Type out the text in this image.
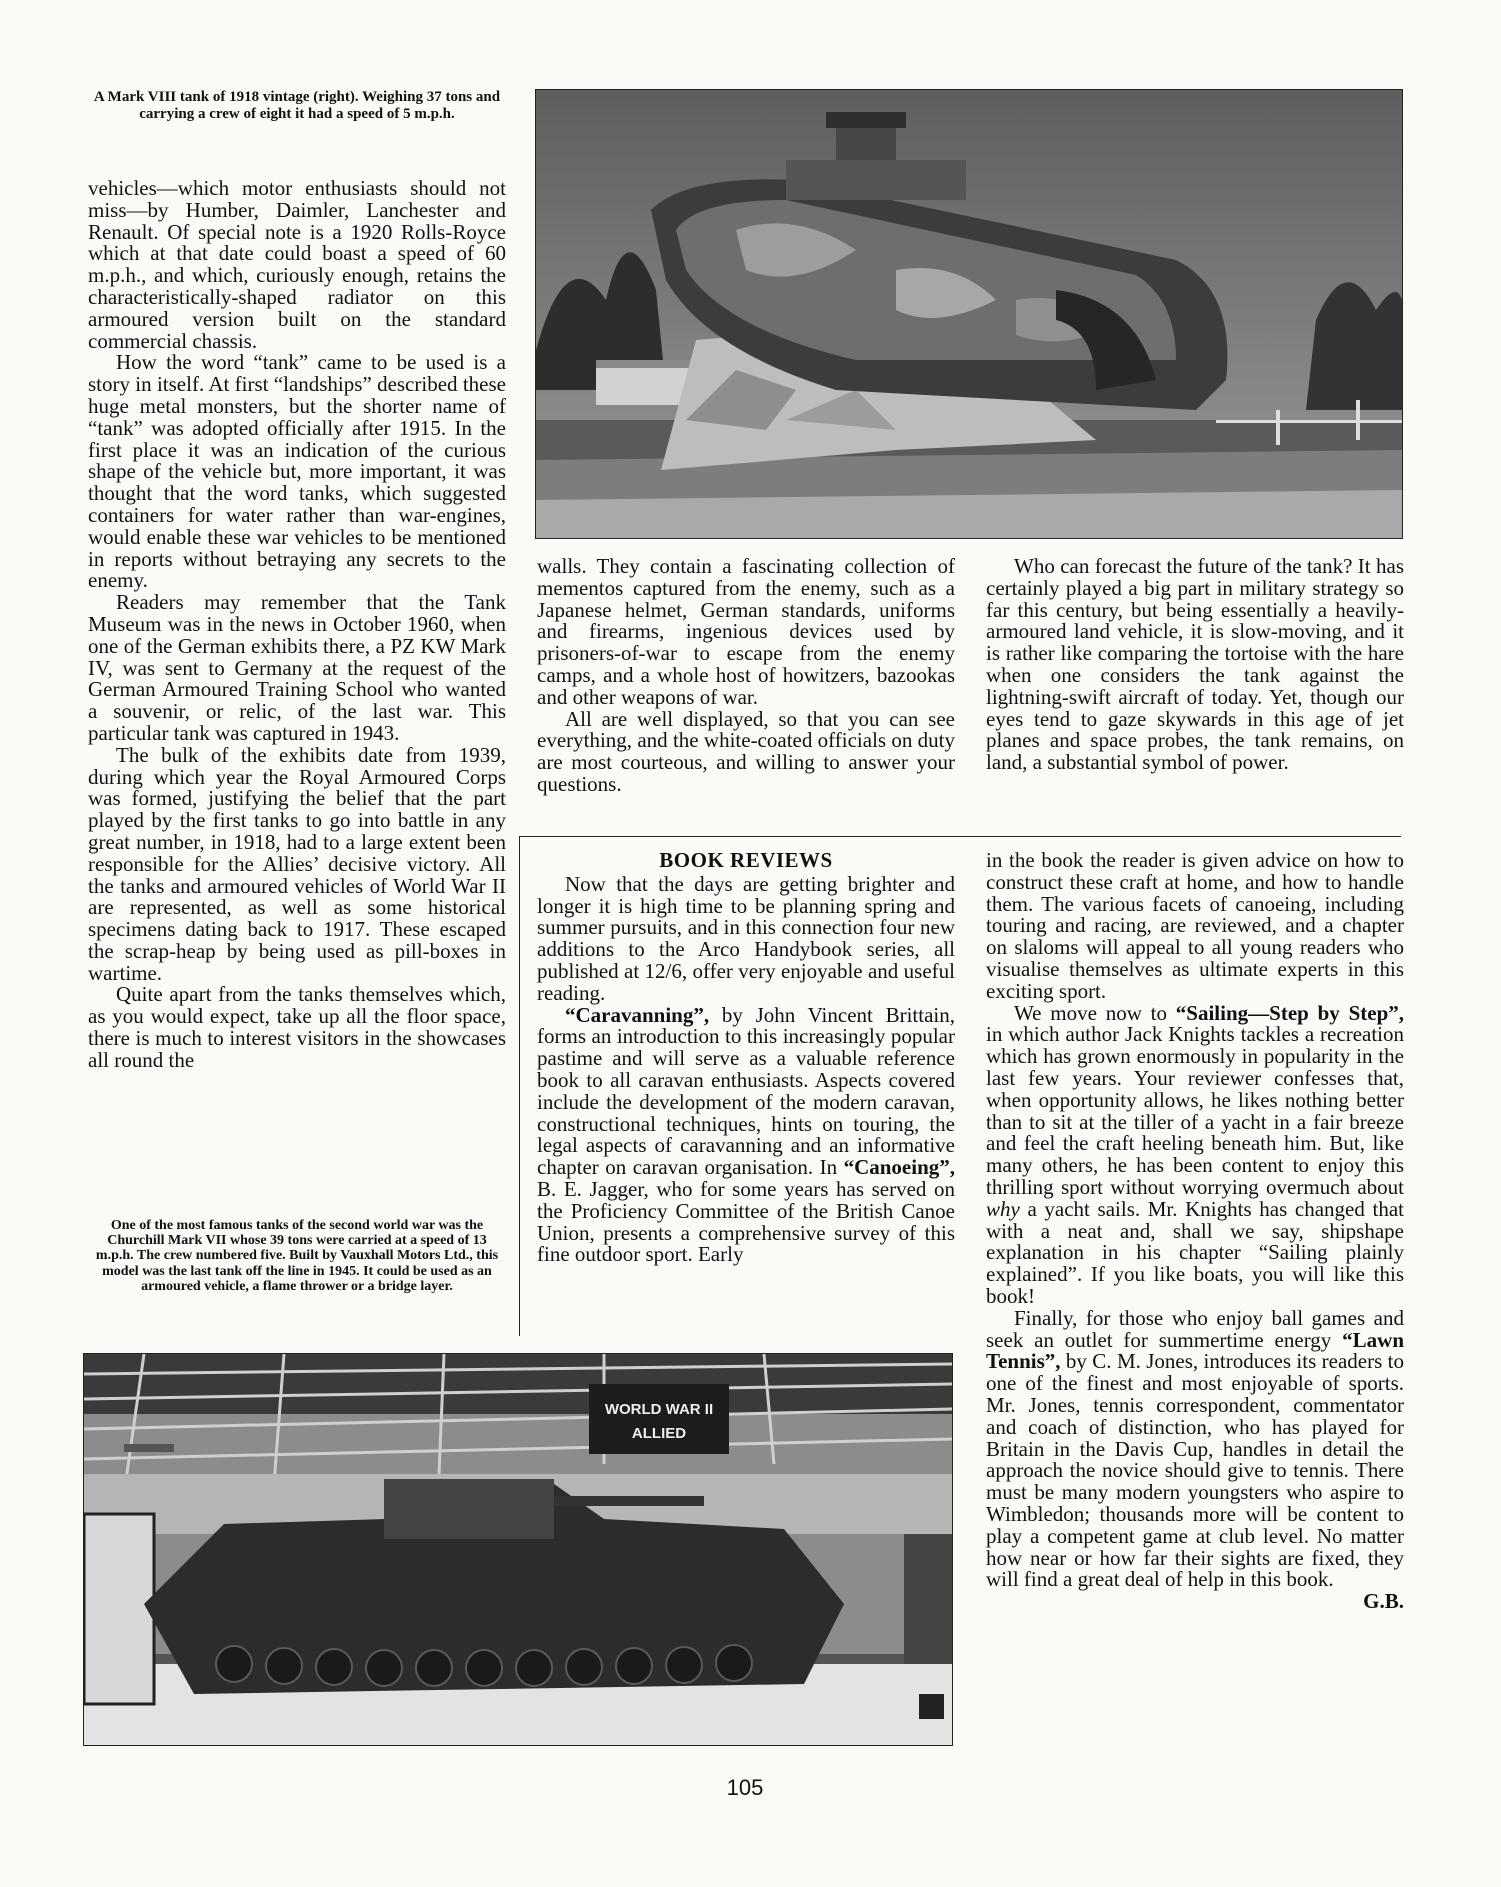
A Mark VIII tank of 1918 vintage (right). Weighing 37 tons and carrying a crew of eight it had a speed of 5 m.p.h.

vehicles—which motor enthusiasts should not miss—by Humber, Daimler, Lanchester and Renault. Of special note is a 1920 Rolls-Royce which at that date could boast a speed of 60 m.p.h., and which, curiously enough, retains the characteristically-shaped radiator on this armoured version built on the standard commercial chassis.

How the word “tank” came to be used is a story in itself. At first “landships” described these huge metal monsters, but the shorter name of “tank” was adopted officially after 1915. In the first place it was an indication of the curious shape of the vehicle but, more important, it was thought that the word tanks, which suggested containers for water rather than war-engines, would enable these war vehicles to be mentioned in reports without betraying any secrets to the enemy.

Readers may remember that the Tank Museum was in the news in October 1960, when one of the German exhibits there, a PZ KW Mark IV, was sent to Germany at the request of the German Armoured Training School who wanted a souvenir, or relic, of the last war. This particular tank was captured in 1943.

The bulk of the exhibits date from 1939, during which year the Royal Armoured Corps was formed, justifying the belief that the part played by the first tanks to go into battle in any great number, in 1918, had to a large extent been responsible for the Allies’ decisive victory. All the tanks and armoured vehicles of World War II are represented, as well as some historical specimens dating back to 1917. These escaped the scrap-heap by being used as pill-boxes in wartime.

Quite apart from the tanks themselves which, as you would expect, take up all the floor space, there is much to interest visitors in the showcases all round the

One of the most famous tanks of the second world war was the Churchill Mark VII whose 39 tons were carried at a speed of 13 m.p.h. The crew numbered five. Built by Vauxhall Motors Ltd., this model was the last tank off the line in 1945. It could be used as an armoured vehicle, a flame thrower or a bridge layer.

walls. They contain a fascinating collection of mementos captured from the enemy, such as a Japanese helmet, German standards, uniforms and firearms, ingenious devices used by prisoners-of-war to escape from the enemy camps, and a whole host of howitzers, bazookas and other weapons of war.

All are well displayed, so that you can see everything, and the white-coated officials on duty are most courteous, and willing to answer your questions.

Who can forecast the future of the tank? It has certainly played a big part in military strategy so far this century, but being essentially a heavily-armoured land vehicle, it is slow-moving, and it is rather like comparing the tortoise with the hare when one considers the tank against the lightning-swift aircraft of today. Yet, though our eyes tend to gaze skywards in this age of jet planes and space probes, the tank remains, on land, a substantial symbol of power.

BOOK REVIEWS

Now that the days are getting brighter and longer it is high time to be planning spring and summer pursuits, and in this connection four new additions to the Arco Handybook series, all published at 12/6, offer very enjoyable and useful reading.

“Caravanning”, by John Vincent Brittain, forms an introduction to this increasingly popular pastime and will serve as a valuable reference book to all caravan enthusiasts. Aspects covered include the development of the modern caravan, constructional techniques, hints on touring, the legal aspects of caravanning and an informative chapter on caravan organisation. In “Canoeing”, B. E. Jagger, who for some years has served on the Proficiency Committee of the British Canoe Union, presents a comprehensive survey of this fine outdoor sport. Early

in the book the reader is given advice on how to construct these craft at home, and how to handle them. The various facets of canoeing, including touring and racing, are reviewed, and a chapter on slaloms will appeal to all young readers who visualise themselves as ultimate experts in this exciting sport.

We move now to “Sailing—Step by Step”, in which author Jack Knights tackles a recreation which has grown enormously in popularity in the last few years. Your reviewer confesses that, when opportunity allows, he likes nothing better than to sit at the tiller of a yacht in a fair breeze and feel the craft heeling beneath him. But, like many others, he has been content to enjoy this thrilling sport without worrying overmuch about why a yacht sails. Mr. Knights has changed that with a neat and, shall we say, shipshape explanation in his chapter “Sailing plainly explained”. If you like boats, you will like this book!

Finally, for those who enjoy ball games and seek an outlet for summertime energy “Lawn Tennis”, by C. M. Jones, introduces its readers to one of the finest and most enjoyable of sports. Mr. Jones, tennis correspondent, commentator and coach of distinction, who has played for Britain in the Davis Cup, handles in detail the approach the novice should give to tennis. There must be many modern youngsters who aspire to Wimbledon; thousands more will be content to play a competent game at club level. No matter how near or how far their sights are fixed, they will find a great deal of help in this book.

G.B.

WORLD WAR II
ALLIED
105
